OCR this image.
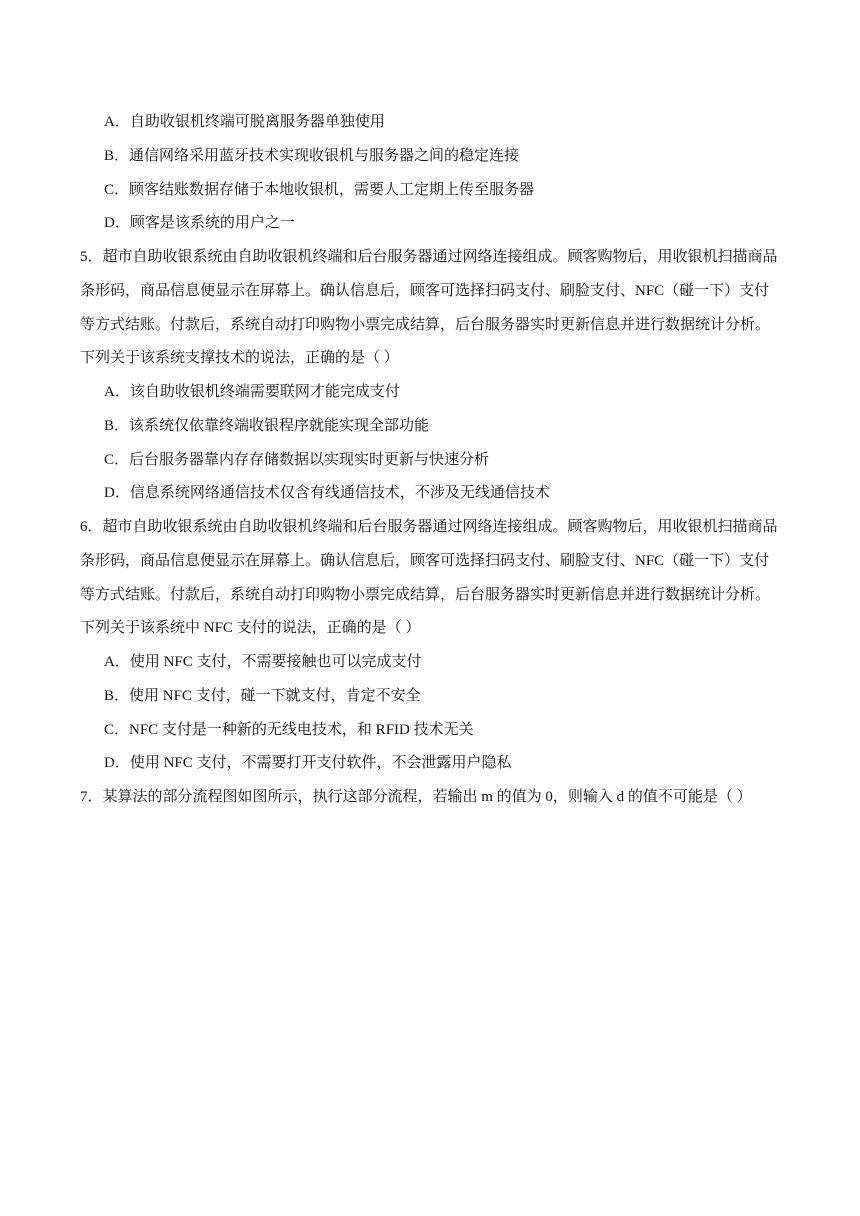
A．自助收银机终端可脱离服务器单独使用
B．通信网络采用蓝牙技术实现收银机与服务器之间的稳定连接
C．顾客结账数据存储于本地收银机，需要人工定期上传至服务器
D．顾客是该系统的用户之一
5．超市自助收银系统由自助收银机终端和后台服务器通过网络连接组成。顾客购物后，用收银机扫描商品
条形码，商品信息便显示在屏幕上。确认信息后，顾客可选择扫码支付、刷脸支付、NFC（碰一下）支付
等方式结账。付款后，系统自动打印购物小票完成结算，后台服务器实时更新信息并进行数据统计分析。
下列关于该系统支撑技术的说法，正确的是（ ）
A．该自助收银机终端需要联网才能完成支付
B．该系统仅依靠终端收银程序就能实现全部功能
C．后台服务器靠内存存储数据以实现实时更新与快速分析
D．信息系统网络通信技术仅含有线通信技术，不涉及无线通信技术
6．超市自助收银系统由自助收银机终端和后台服务器通过网络连接组成。顾客购物后，用收银机扫描商品
条形码，商品信息便显示在屏幕上。确认信息后，顾客可选择扫码支付、刷脸支付、NFC（碰一下）支付
等方式结账。付款后，系统自动打印购物小票完成结算，后台服务器实时更新信息并进行数据统计分析。
下列关于该系统中 NFC 支付的说法，正确的是（ ）
A．使用 NFC 支付，不需要接触也可以完成支付
B．使用 NFC 支付，碰一下就支付，肯定不安全
C．NFC 支付是一种新的无线电技术，和 RFID 技术无关
D．使用 NFC 支付，不需要打开支付软件，不会泄露用户隐私
7．某算法的部分流程图如图所示，执行这部分流程，若输出 m 的值为 0，则输入 d 的值不可能是（ ）
